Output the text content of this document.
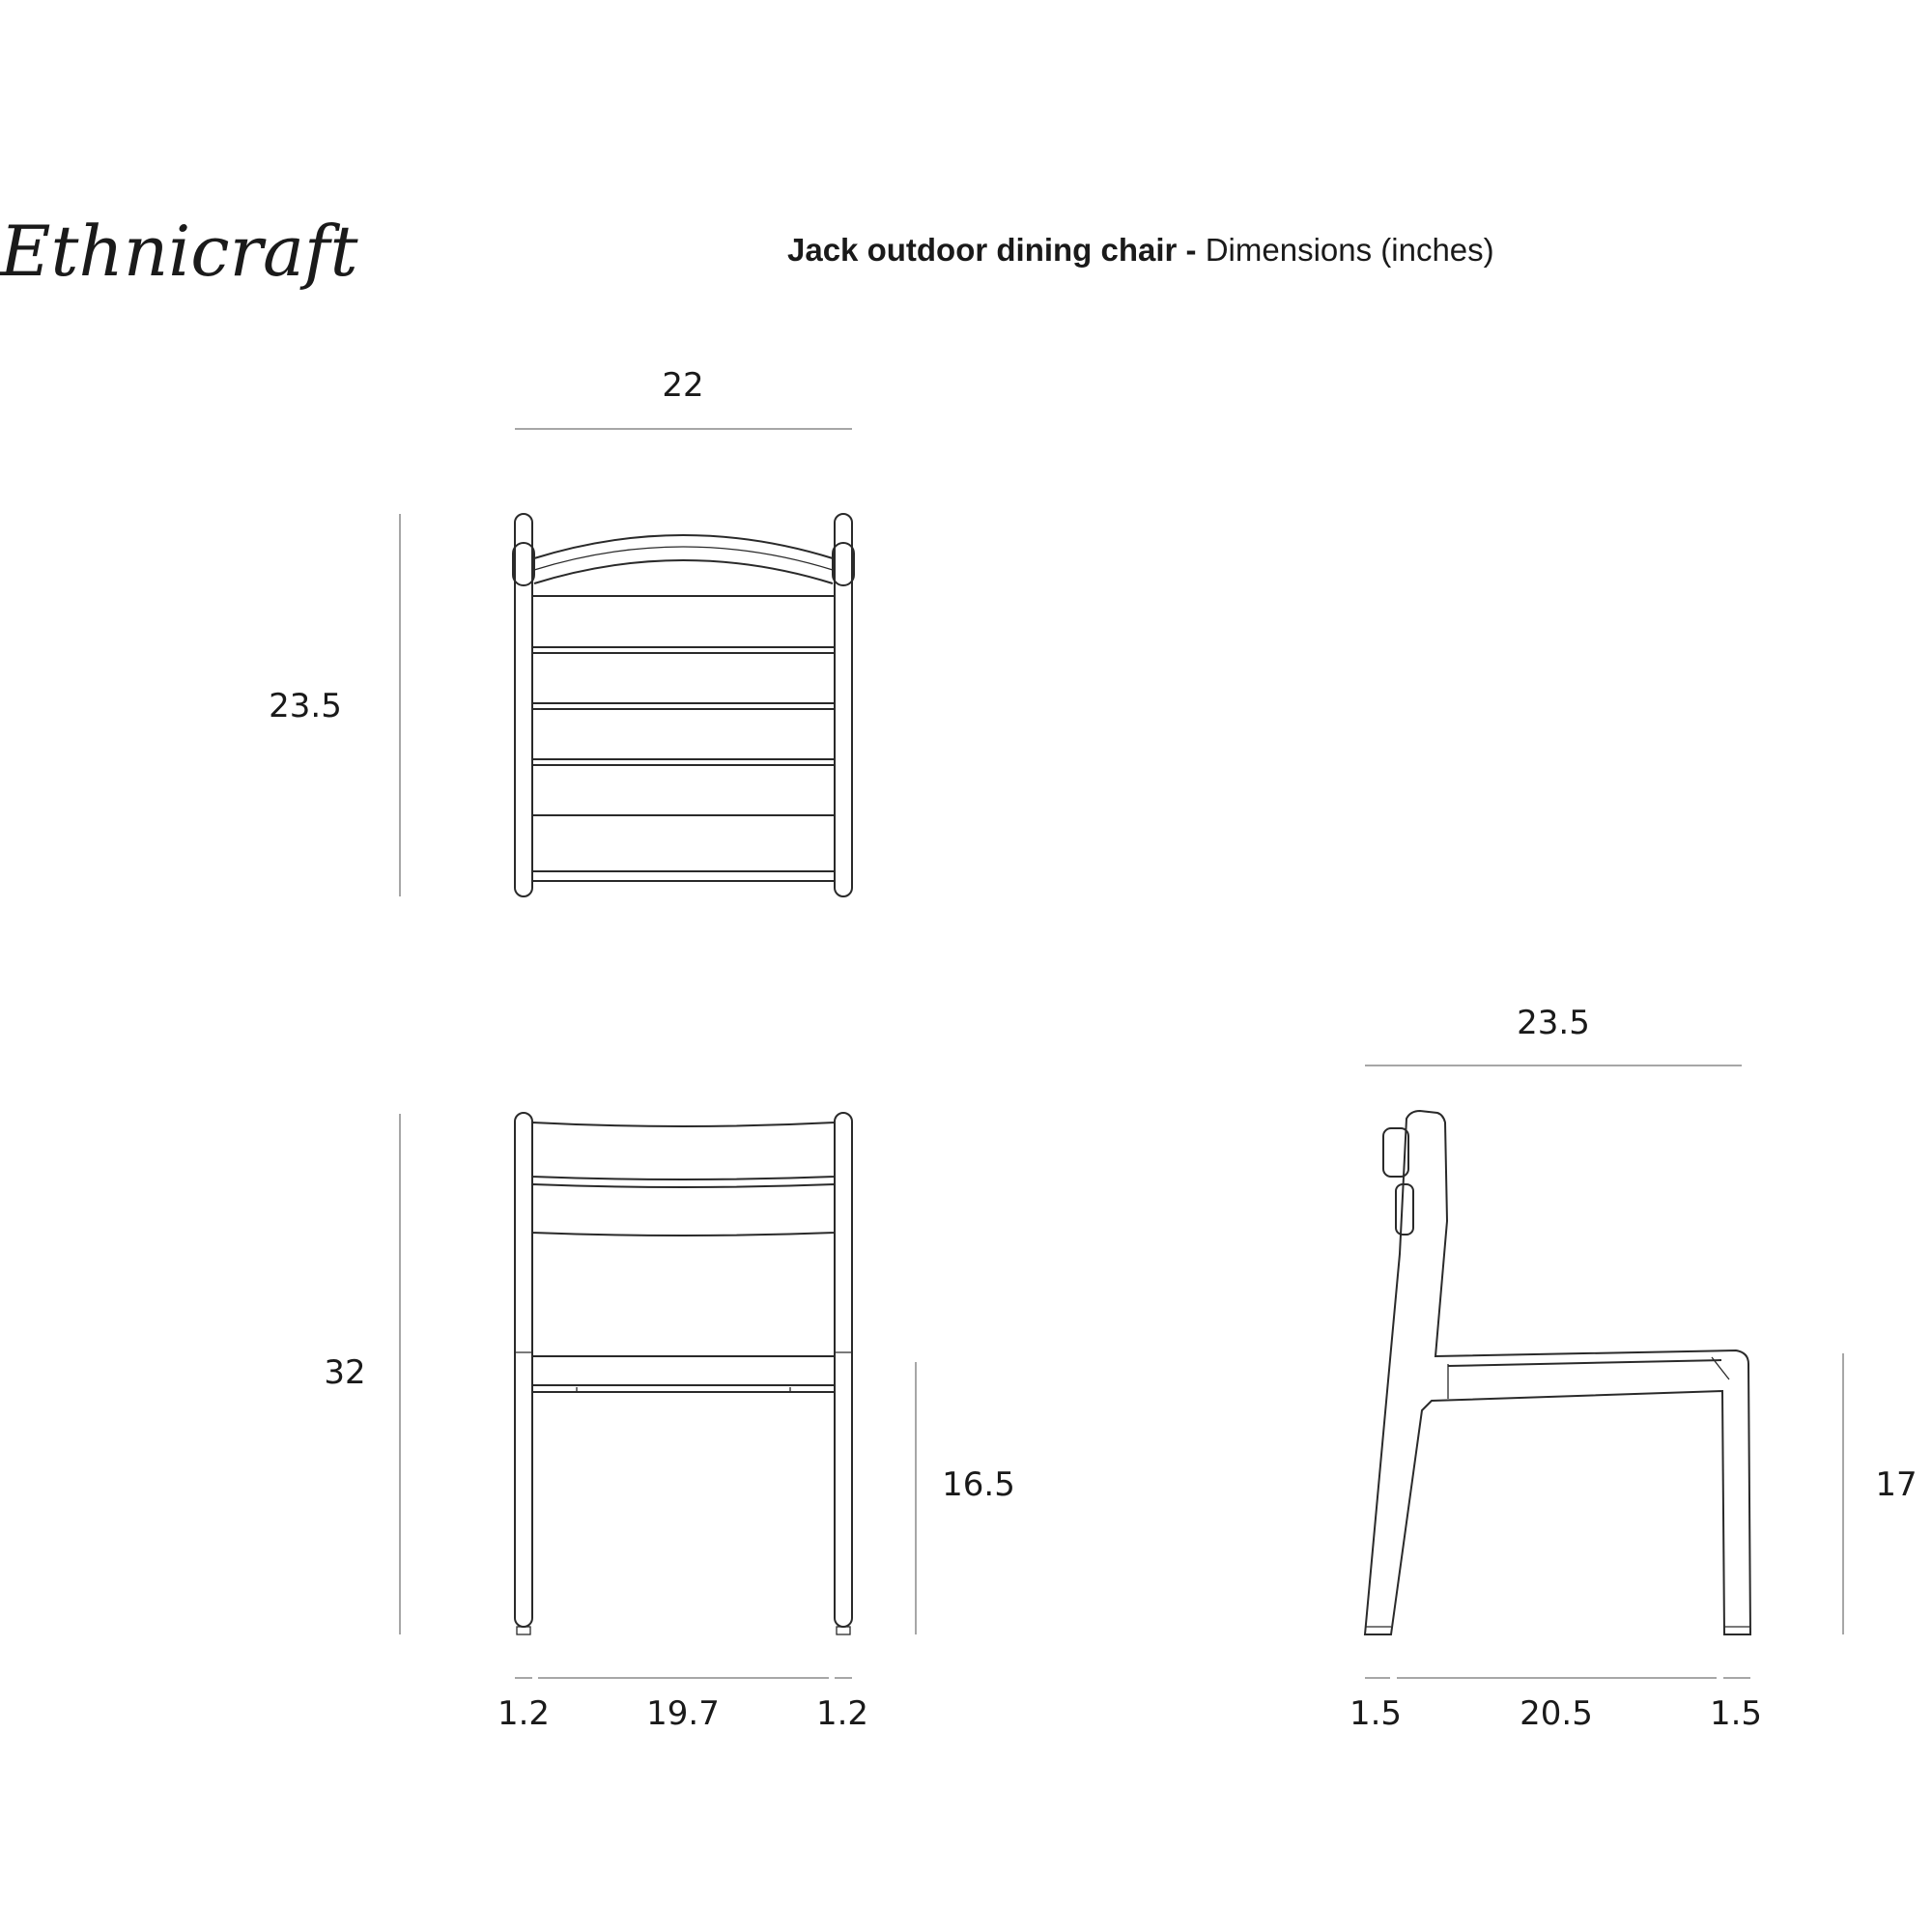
Ethnicraft	Jack outdoor dining chair - Dimensions (inches)
22
23.5
32
16.5
1.2	19.7	1.2
23.5
17
1.5	20.5	1.5
